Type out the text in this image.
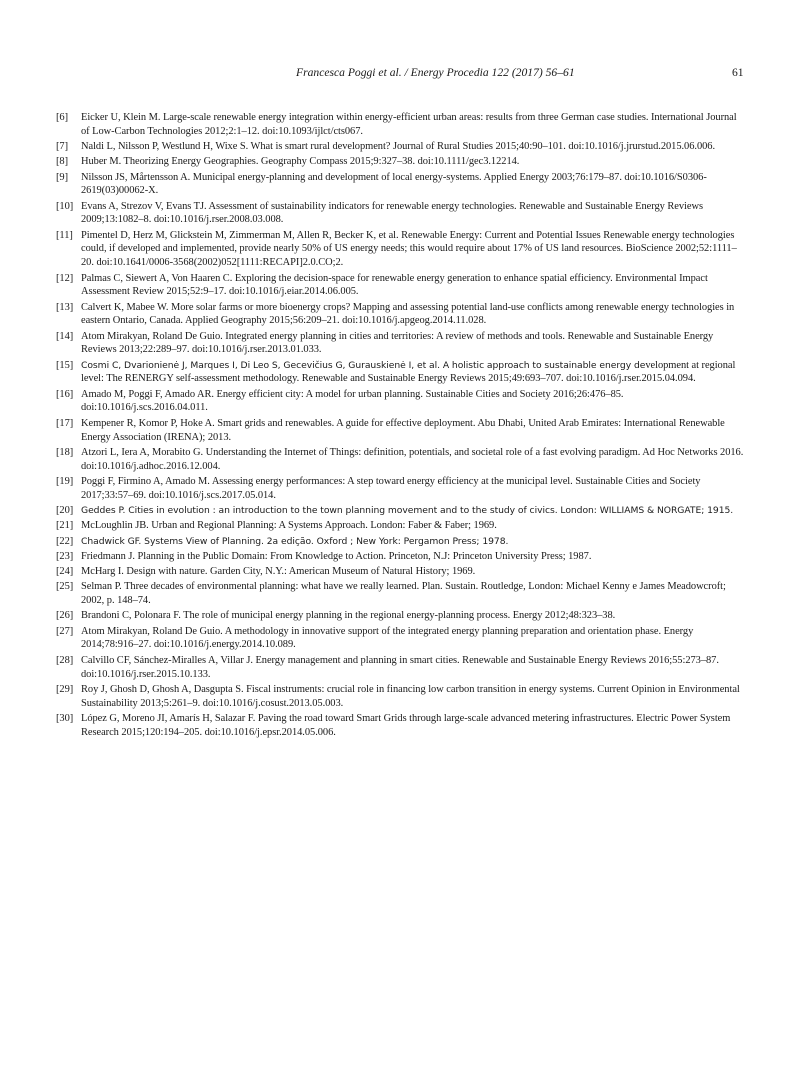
Francesca Poggi et al. / Energy Procedia 122 (2017) 56–61	61
[6] Eicker U, Klein M. Large-scale renewable energy integration within energy-efficient urban areas: results from three German case studies. International Journal of Low-Carbon Technologies 2012;2:1–12. doi:10.1093/ijlct/cts067.
[7] Naldi L, Nilsson P, Westlund H, Wixe S. What is smart rural development? Journal of Rural Studies 2015;40:90–101. doi:10.1016/j.jrurstud.2015.06.006.
[8] Huber M. Theorizing Energy Geographies. Geography Compass 2015;9:327–38. doi:10.1111/gec3.12214.
[9] Nilsson JS, Mårtensson A. Municipal energy-planning and development of local energy-systems. Applied Energy 2003;76:179–87. doi:10.1016/S0306-2619(03)00062-X.
[10] Evans A, Strezov V, Evans TJ. Assessment of sustainability indicators for renewable energy technologies. Renewable and Sustainable Energy Reviews 2009;13:1082–8. doi:10.1016/j.rser.2008.03.008.
[11] Pimentel D, Herz M, Glickstein M, Zimmerman M, Allen R, Becker K, et al. Renewable Energy: Current and Potential Issues Renewable energy technologies could, if developed and implemented, provide nearly 50% of US energy needs; this would require about 17% of US land resources. BioScience 2002;52:1111–20. doi:10.1641/0006-3568(2002)052[1111:RECAPI]2.0.CO;2.
[12] Palmas C, Siewert A, Von Haaren C. Exploring the decision-space for renewable energy generation to enhance spatial efficiency. Environmental Impact Assessment Review 2015;52:9–17. doi:10.1016/j.eiar.2014.06.005.
[13] Calvert K, Mabee W. More solar farms or more bioenergy crops? Mapping and assessing potential land-use conflicts among renewable energy technologies in eastern Ontario, Canada. Applied Geography 2015;56:209–21. doi:10.1016/j.apgeog.2014.11.028.
[14] Atom Mirakyan, Roland De Guio. Integrated energy planning in cities and territories: A review of methods and tools. Renewable and Sustainable Energy Reviews 2013;22:289–97. doi:10.1016/j.rser.2013.01.033.
[15] Cosmi C, Dvarionienė J, Marques I, Di Leo S, Gecevičius G, Gurauskienė I, et al. A holistic approach to sustainable energy development at regional level: The RENERGY self-assessment methodology. Renewable and Sustainable Energy Reviews 2015;49:693–707. doi:10.1016/j.rser.2015.04.094.
[16] Amado M, Poggi F, Amado AR. Energy efficient city: A model for urban planning. Sustainable Cities and Society 2016;26:476–85. doi:10.1016/j.scs.2016.04.011.
[17] Kempener R, Komor P, Hoke A. Smart grids and renewables. A guide for effective deployment. Abu Dhabi, United Arab Emirates: International Renewable Energy Association (IRENA); 2013.
[18] Atzori L, Iera A, Morabito G. Understanding the Internet of Things: definition, potentials, and societal role of a fast evolving paradigm. Ad Hoc Networks 2016. doi:10.1016/j.adhoc.2016.12.004.
[19] Poggi F, Firmino A, Amado M. Assessing energy performances: A step toward energy efficiency at the municipal level. Sustainable Cities and Society 2017;33:57–69. doi:10.1016/j.scs.2017.05.014.
[20] Geddes P. Cities in evolution : an introduction to the town planning movement and to the study of civics. London: WILLIAMS & NORGATE; 1915.
[21] McLoughlin JB. Urban and Regional Planning: A Systems Approach. London: Faber & Faber; 1969.
[22] Chadwick GF. Systems View of Planning. 2a edição. Oxford ; New York: Pergamon Press; 1978.
[23] Friedmann J. Planning in the Public Domain: From Knowledge to Action. Princeton, N.J: Princeton University Press; 1987.
[24] McHarg I. Design with nature. Garden City, N.Y.: American Museum of Natural History; 1969.
[25] Selman P. Three decades of environmental planning: what have we really learned. Plan. Sustain. Routledge, London: Michael Kenny e James Meadowcroft; 2002, p. 148–74.
[26] Brandoni C, Polonara F. The role of municipal energy planning in the regional energy-planning process. Energy 2012;48:323–38.
[27] Atom Mirakyan, Roland De Guio. A methodology in innovative support of the integrated energy planning preparation and orientation phase. Energy 2014;78:916–27. doi:10.1016/j.energy.2014.10.089.
[28] Calvillo CF, Sánchez-Miralles A, Villar J. Energy management and planning in smart cities. Renewable and Sustainable Energy Reviews 2016;55:273–87. doi:10.1016/j.rser.2015.10.133.
[29] Roy J, Ghosh D, Ghosh A, Dasgupta S. Fiscal instruments: crucial role in financing low carbon transition in energy systems. Current Opinion in Environmental Sustainability 2013;5:261–9. doi:10.1016/j.cosust.2013.05.003.
[30] López G, Moreno JI, Amarís H, Salazar F. Paving the road toward Smart Grids through large-scale advanced metering infrastructures. Electric Power System Research 2015;120:194–205. doi:10.1016/j.epsr.2014.05.006.
